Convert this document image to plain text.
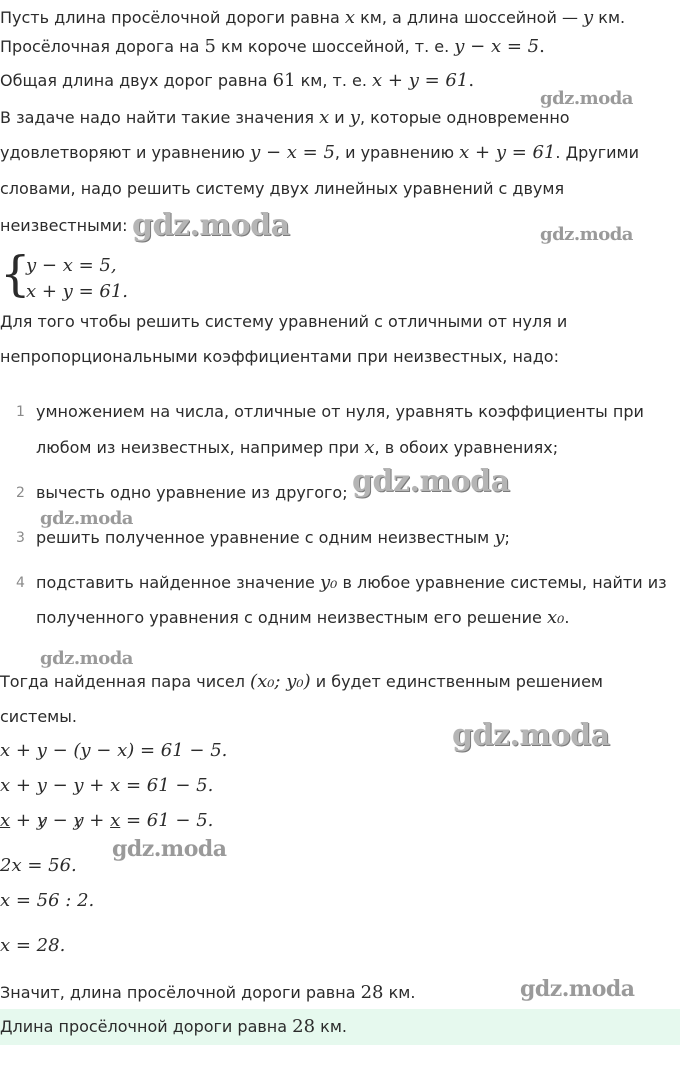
Пусть длина просёлочной дороги равна x км, а длина шоссейной — y км.
Просёлочная дорога на 5 км короче шоссейной, т. е. y − x = 5.
Общая длина двух дорог равна 61 км, т. е. x + y = 61.
В задаче надо найти такие значения x и y, которые одновременно
удовлетворяют и уравнению y − x = 5, и уравнению x + y = 61. Другими
словами, надо решить систему двух линейных уравнений с двумя
неизвестными:
{
y − x = 5,
x + y = 61.
Для того чтобы решить систему уравнений с отличными от нуля и
непропорциональными коэффициентами при неизвестных, надо:
1 умножением на числа, отличные от нуля, уравнять коэффициенты при
любом из неизвестных, например при x, в обоих уравнениях;
2 вычесть одно уравнение из другого;
3 решить полученное уравнение с одним неизвестным y;
4 подставить найденное значение y₀ в любое уравнение системы, найти из
полученного уравнения с одним неизвестным его решение x₀.
Тогда найденная пара чисел (x₀; y₀) и будет единственным решением
системы.
x + y − (y − x) = 61 − 5.
x + y − y + x = 61 − 5.
x + y − y + x = 61 − 5.
2x = 56.
x = 56 : 2.
x = 28.
Значит, длина просёлочной дороги равна 28 км.
Длина просёлочной дороги равна 28 км.
gdz.moda
gdz.moda	gdz.moda
gdz.moda
gdz.moda
gdz.moda
gdz.moda
gdz.moda
gdz.moda
